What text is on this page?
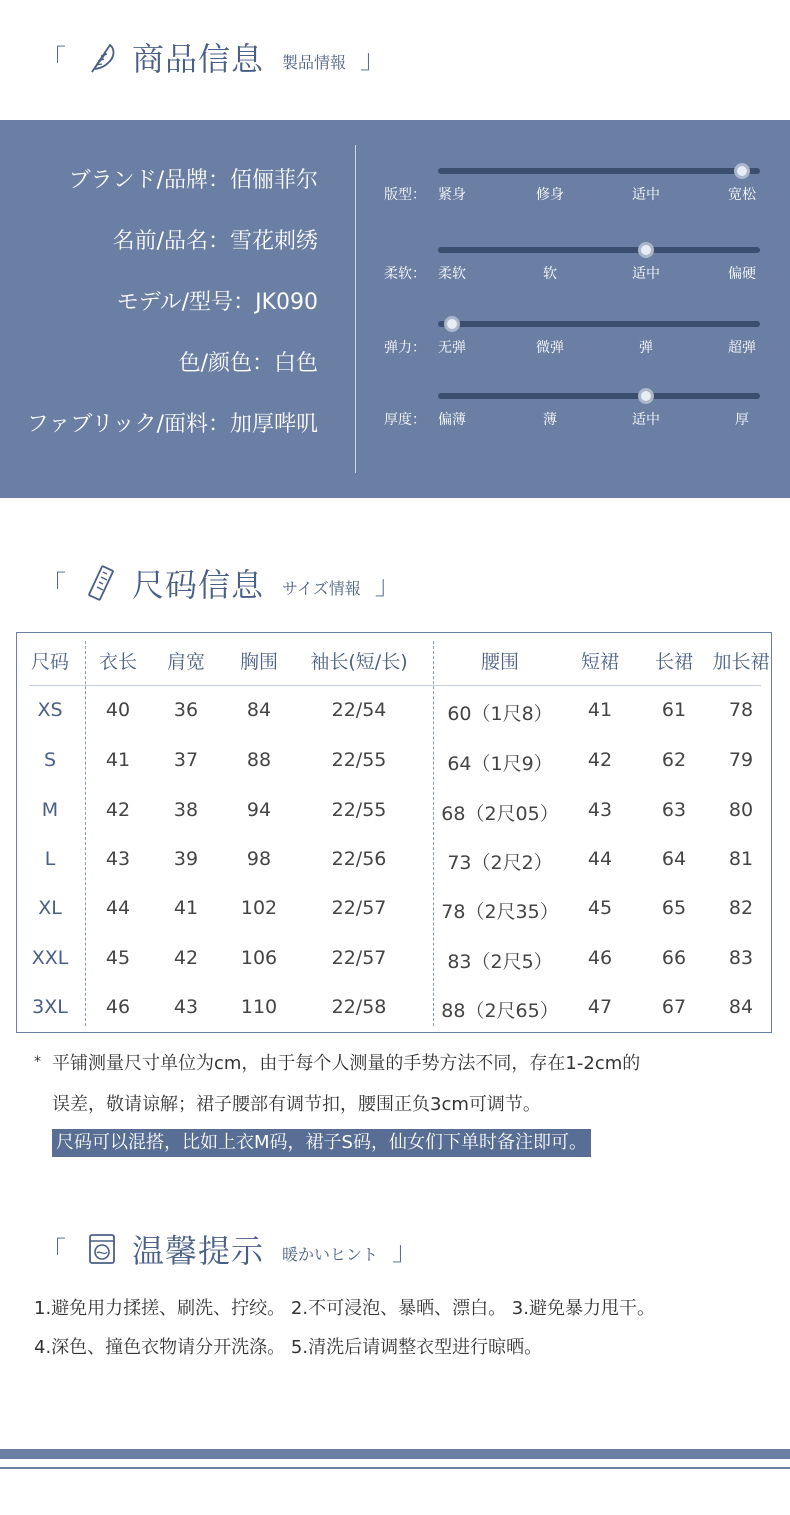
「 商品信息 製品情報 」
ブランド/品牌：佰俪菲尔
名前/品名：雪花刺绣
モデル/型号：JK090
色/颜色：白色
ファブリック/面料：加厚哔叽
版型： 紧身	修身	适中	宽松
柔软： 柔软	软	适中	偏硬
弹力： 无弹	微弹	弹	超弹
厚度： 偏薄	薄	适中	厚
「 尺码信息 サイズ情報 」
尺码 衣长 肩宽 胸围 袖长(短/长)	腰围	短裙 长裙 加长裙
XS 40 36	84	22/54	60（1尺8） 41	61 78
S	41 37	88	22/55	64（1尺9） 42	62 79
M	42 38	94	22/55	68（2尺05） 43	63 80
L	43 39	98	22/56	73（2尺2） 44	64 81
XL 44 41 102	22/57	78（2尺35） 45	65 82
XXL 45 42 106	22/57	83（2尺5） 46	66 83
3XL 46 43 110	22/58	88（2尺65） 47	67 84
* 平铺测量尺寸单位为cm，由于每个人测量的手势方法不同，存在1-2cm的
误差，敬请谅解；裙子腰部有调节扣，腰围正负3cm可调节。
尺码可以混搭，比如上衣M码，裙子S码，仙女们下单时备注即可。
「 温馨提示 暖かいヒント 」
1.避免用力揉搓、刷洗、拧绞。 2.不可浸泡、暴晒、漂白。 3.避免暴力甩干。
4.深色、撞色衣物请分开洗涤。 5.清洗后请调整衣型进行晾晒。
